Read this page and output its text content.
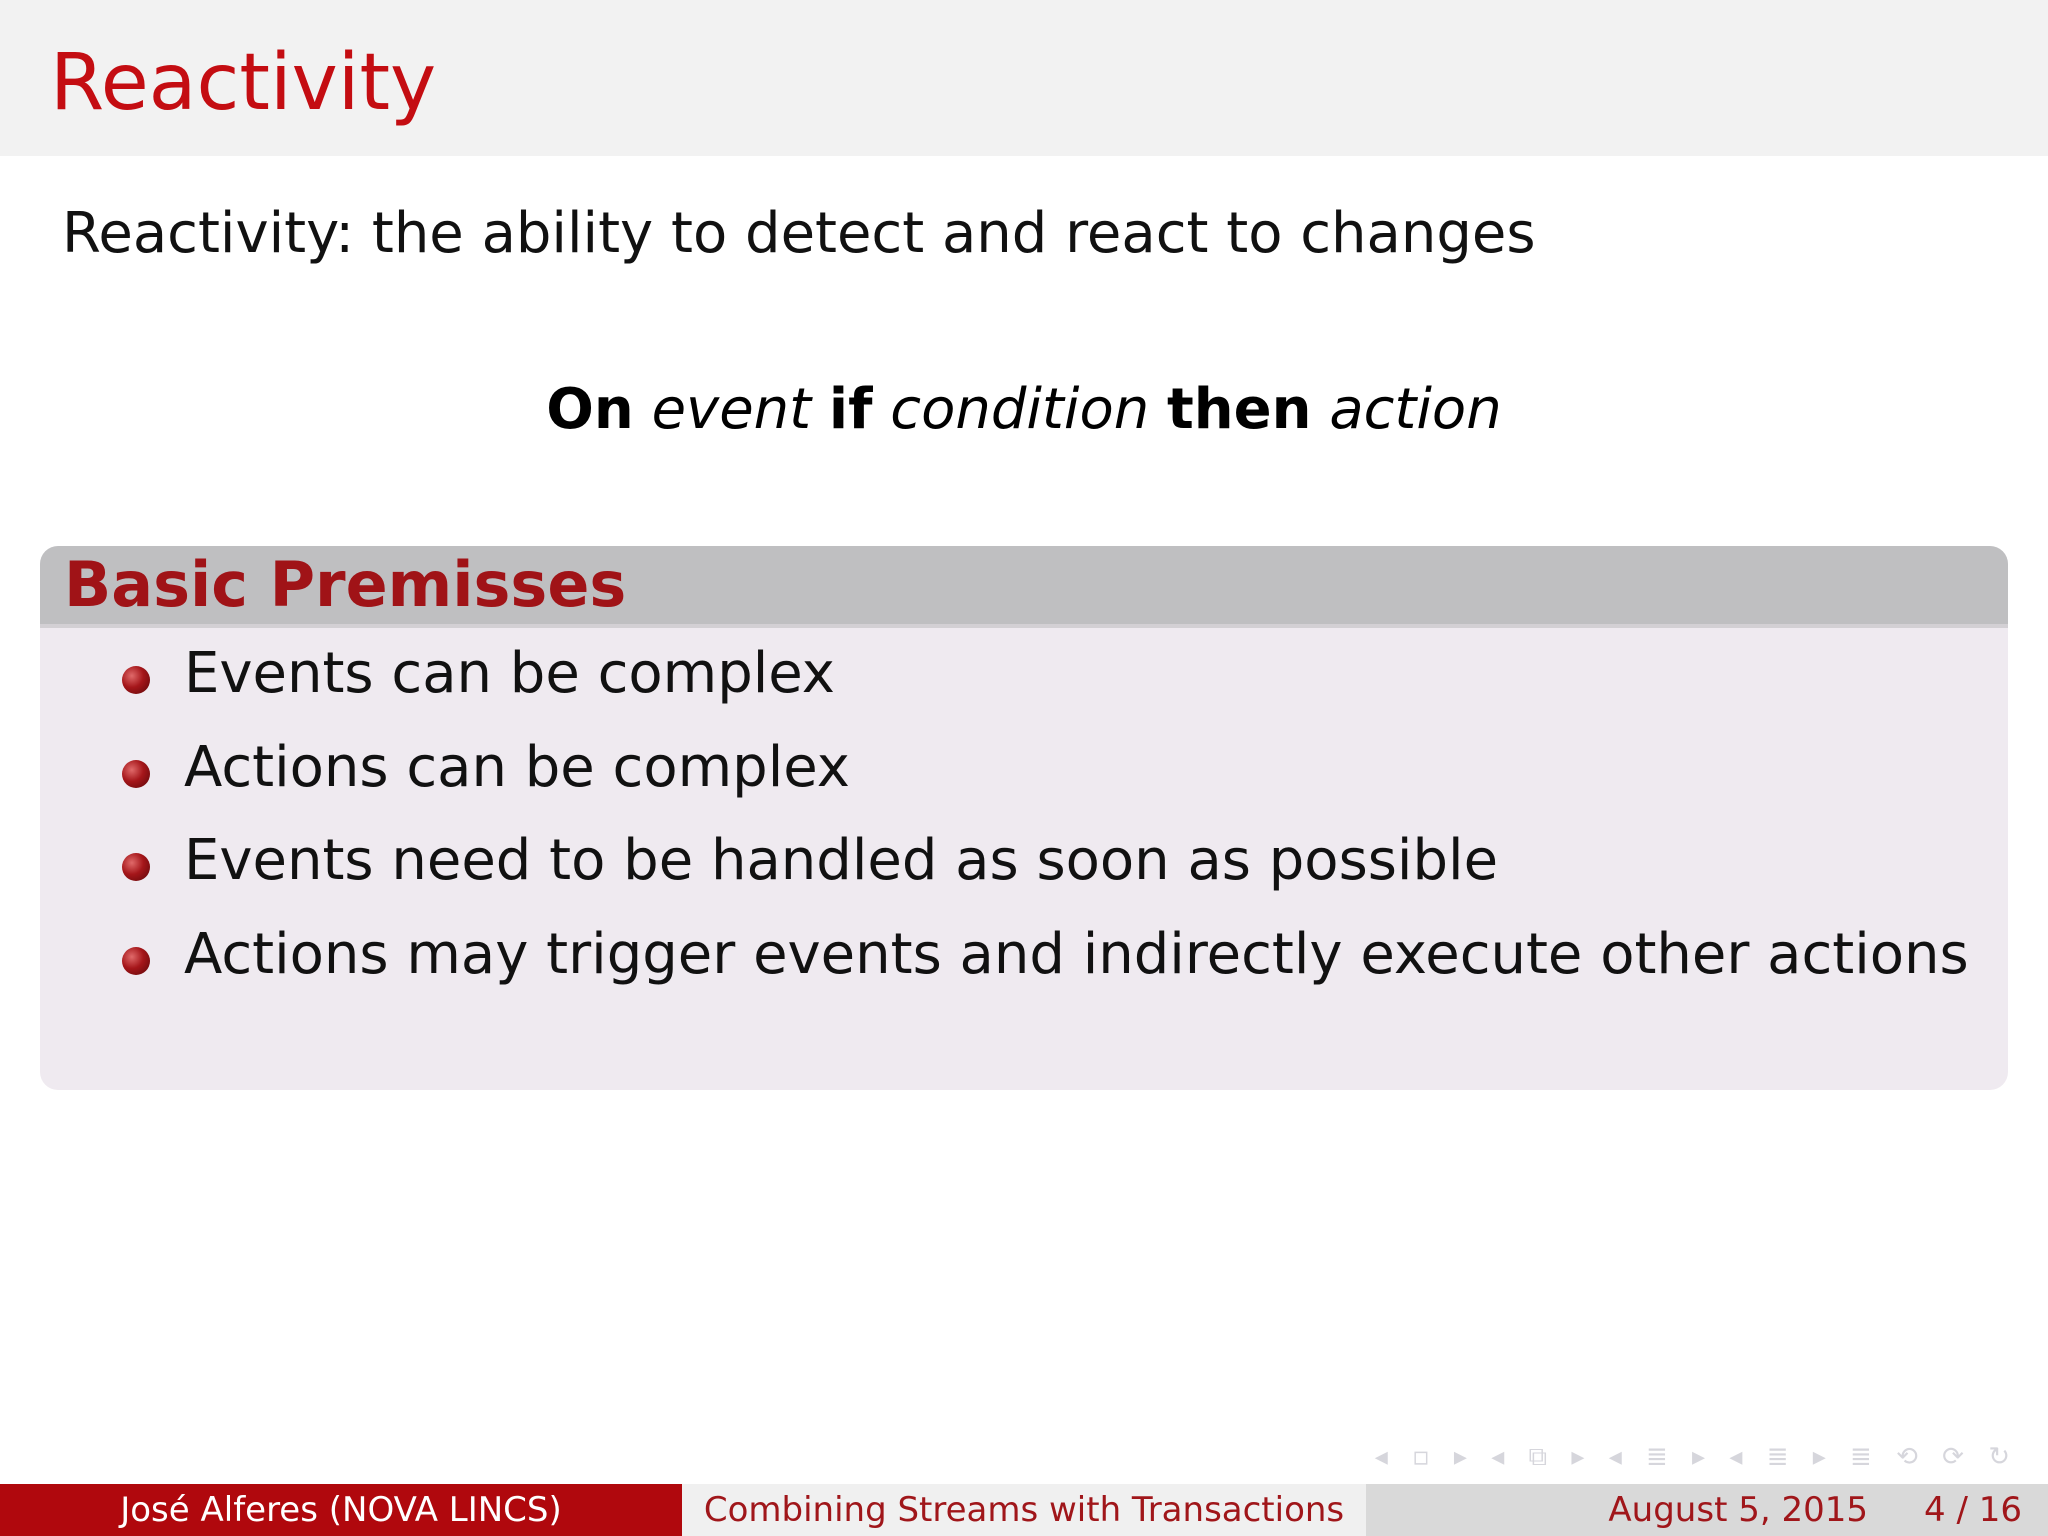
Reactivity
Reactivity: the ability to detect and react to changes
On event if condition then action
Basic Premisses
Events can be complex
Actions can be complex
Events need to be handled as soon as possible
Actions may trigger events and indirectly execute other actions
◂ ▫ ▸ ◂ ⧉ ▸ ◂ ≣ ▸ ◂ ≣ ▸ ≣ ⟲ ⟳ ↻
José Alferes (NOVA LINCS)	Combining Streams with Transactions	August 5, 2015 4 / 16
